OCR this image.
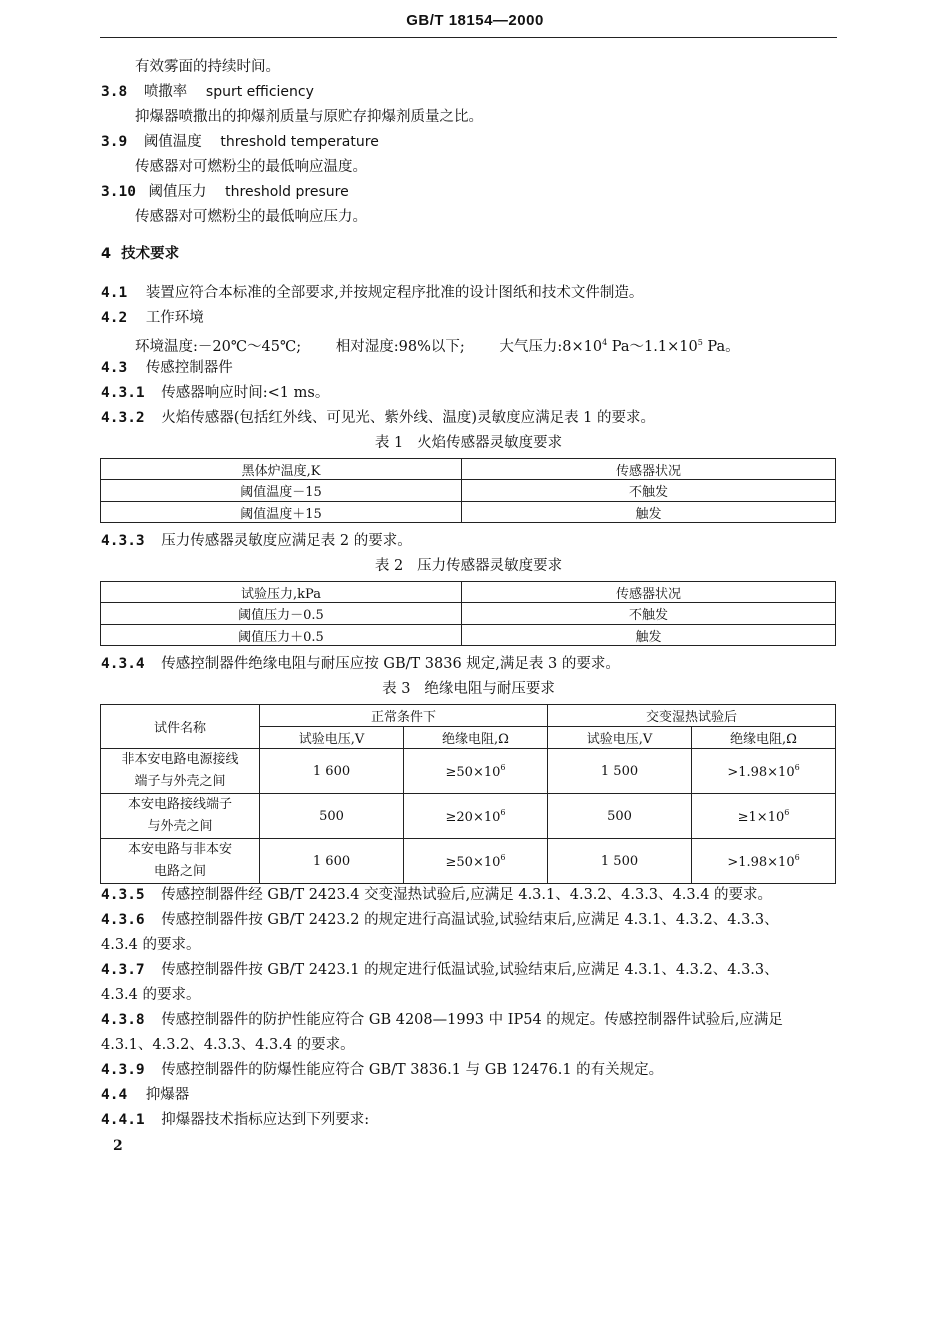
GB/T 18154—2000
有效雾面的持续时间。
3.8 喷撒率 spurt efficiency
抑爆器喷撒出的抑爆剂质量与原贮存抑爆剂质量之比。
3.9 阈值温度 threshold temperature
传感器对可燃粉尘的最低响应温度。
3.10 阈值压力 threshold presure
传感器对可燃粉尘的最低响应压力。
4  技术要求
4.1 装置应符合本标准的全部要求,并按规定程序批准的设计图纸和技术文件制造。
4.2 工作环境
环境温度:－20℃～45℃; 相对湿度:98%以下; 大气压力$:8\times 10^4$ $Pa\sim 1.1\times 10^5$ Pa。
4.3 传感控制器件
4.3.1 传感器响应时间:<1 ms。
4.3.2 火焰传感器(包括红外线、可见光、紫外线、温度)灵敏度应满足表 1 的要求。
表 1   火焰传感器灵敏度要求
黑体炉温度,K	传感器状况
阈值温度－15	不触发
阈值温度＋15	触发
4.3.3 压力传感器灵敏度应满足表 2 的要求。
表 2   压力传感器灵敏度要求
试验压力,kPa	传感器状况
阈值压力－0.5	不触发
阈值压力＋0.5	触发
4.3.4 传感控制器件绝缘电阻与耐压应按 GB/T 3836 规定,满足表 3 的要求。
表 3   绝缘电阻与耐压要求
试件名称	正常条件下		交变湿热试验后	
	试验电压,V	绝缘电阻,Ω	试验电压,V	绝缘电阻,Ω
非本安电路电源接线
端子与外壳之间	1 600	$\ge 50\times 10^6$	1 500	$>1.98\times 10^6$
本安电路接线端子
与外壳之间	500	$\ge 20\times 10^6$	500	$\ge 1\times 10^6$
本安电路与非本安
电路之间	1 600	$\ge 50\times 10^6$	1 500	$>1.98\times 10^6$
4.3.5 传感控制器件经 GB/T 2423.4 交变湿热试验后,应满足 4.3.1、4.3.2、4.3.3、4.3.4 的要求。
4.3.6 传感控制器件按 GB/T 2423.2 的规定进行高温试验,试验结束后,应满足 4.3.1、4.3.2、4.3.3、
4.3.4 的要求。
4.3.7 传感控制器件按 GB/T 2423.1 的规定进行低温试验,试验结束后,应满足 4.3.1、4.3.2、4.3.3、
4.3.4 的要求。
4.3.8 传感控制器件的防护性能应符合 GB 4208—1993 中 IP54 的规定。传感控制器件试验后,应满足
4.3.1、4.3.2、4.3.3、4.3.4 的要求。
4.3.9 传感控制器件的防爆性能应符合 GB/T 3836.1 与 GB 12476.1 的有关规定。
4.4 抑爆器
4.4.1 抑爆器技术指标应达到下列要求:
2
